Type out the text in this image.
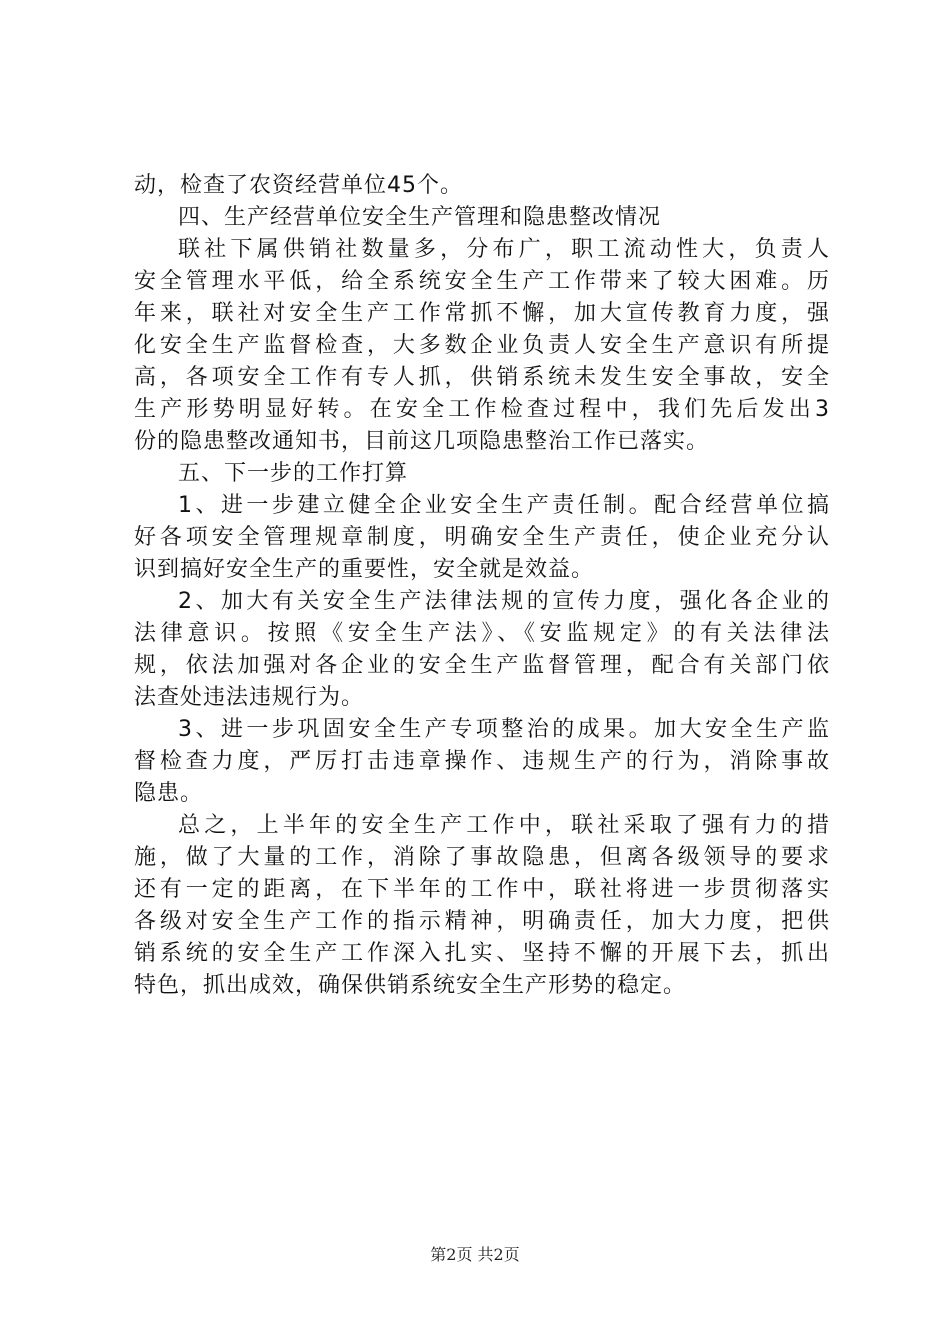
动，检查了农资经营单位45个。
四、生产经营单位安全生产管理和隐患整改情况
联社下属供销社数量多，分布广，职工流动性大，负责人
安全管理水平低，给全系统安全生产工作带来了较大困难。历
年来，联社对安全生产工作常抓不懈，加大宣传教育力度，强
化安全生产监督检查，大多数企业负责人安全生产意识有所提
高，各项安全工作有专人抓，供销系统未发生安全事故，安全
生产形势明显好转。在安全工作检查过程中，我们先后发出3
份的隐患整改通知书，目前这几项隐患整治工作已落实。
五、下一步的工作打算
1、进一步建立健全企业安全生产责任制。配合经营单位搞
好各项安全管理规章制度，明确安全生产责任，使企业充分认
识到搞好安全生产的重要性，安全就是效益。
2、加大有关安全生产法律法规的宣传力度，强化各企业的
法律意识。按照《安全生产法》、《安监规定》的有关法律法
规，依法加强对各企业的安全生产监督管理，配合有关部门依
法查处违法违规行为。
3、进一步巩固安全生产专项整治的成果。加大安全生产监
督检查力度，严厉打击违章操作、违规生产的行为，消除事故
隐患。
总之，上半年的安全生产工作中，联社采取了强有力的措
施，做了大量的工作，消除了事故隐患，但离各级领导的要求
还有一定的距离，在下半年的工作中，联社将进一步贯彻落实
各级对安全生产工作的指示精神，明确责任，加大力度，把供
销系统的安全生产工作深入扎实、坚持不懈的开展下去，抓出
特色，抓出成效，确保供销系统安全生产形势的稳定。
第2页 共2页
